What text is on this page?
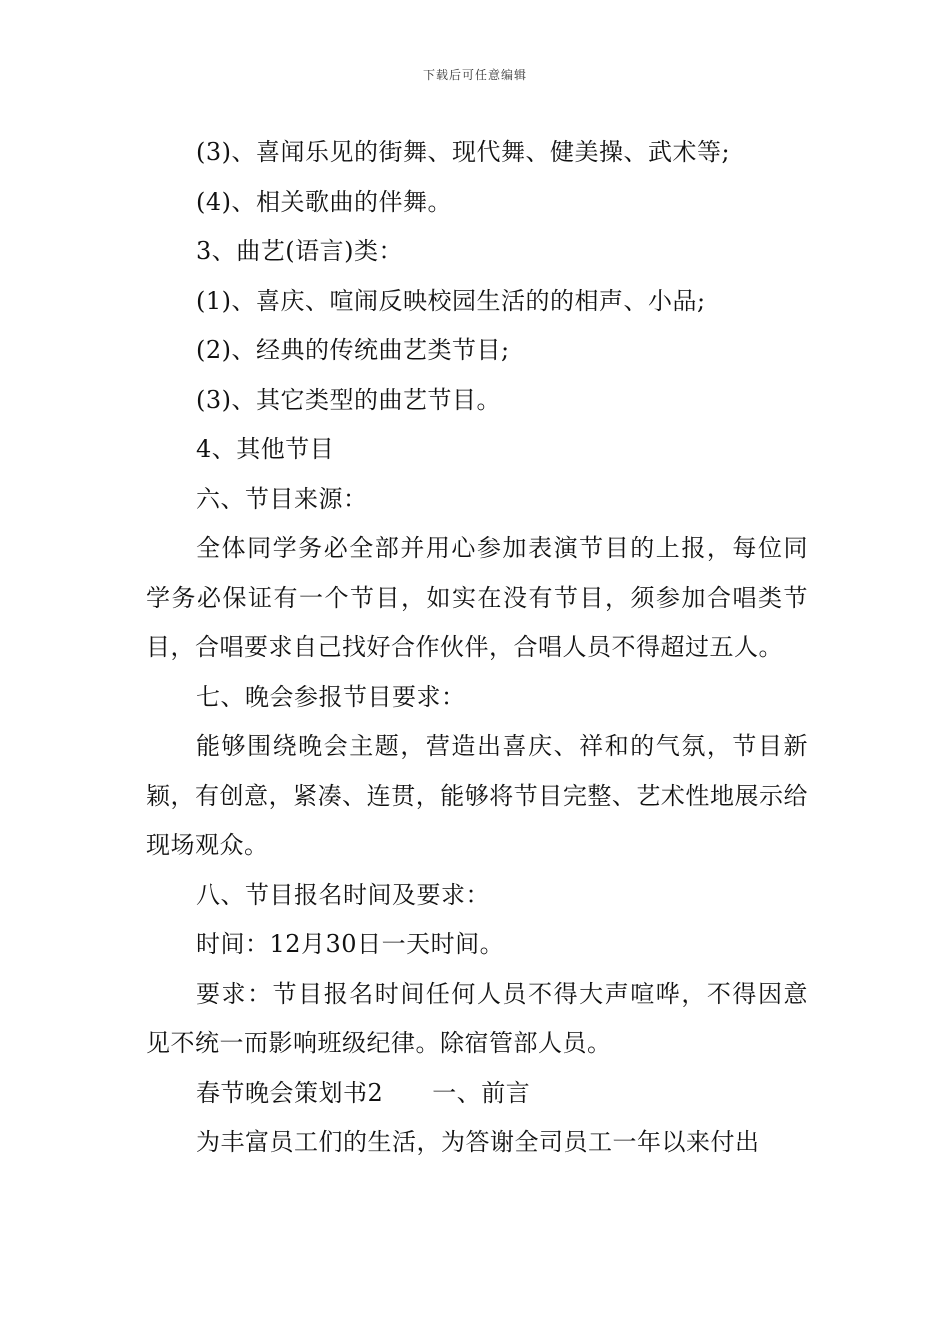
下载后可任意编辑

(3)、喜闻乐见的街舞、现代舞、健美操、武术等;

(4)、相关歌曲的伴舞。

3、曲艺(语言)类：

(1)、喜庆、喧闹反映校园生活的的相声、小品;

(2)、经典的传统曲艺类节目;

(3)、其它类型的曲艺节目。

4、其他节目

六、节目来源：

全体同学务必全部并用心参加表演节目的上报，每位同学务必保证有一个节目，如实在没有节目，须参加合唱类节目，合唱要求自己找好合作伙伴，合唱人员不得超过五人。

七、晚会参报节目要求：

能够围绕晚会主题，营造出喜庆、祥和的气氛，节目新颖，有创意，紧凑、连贯，能够将节目完整、艺术性地展示给现场观众。

八、节目报名时间及要求：

时间：12月30日一天时间。

要求：节目报名时间任何人员不得大声喧哗，不得因意见不统一而影响班级纪律。除宿管部人员。

春节晚会策划书2　　一、前言

为丰富员工们的生活，为答谢全司员工一年以来付出
